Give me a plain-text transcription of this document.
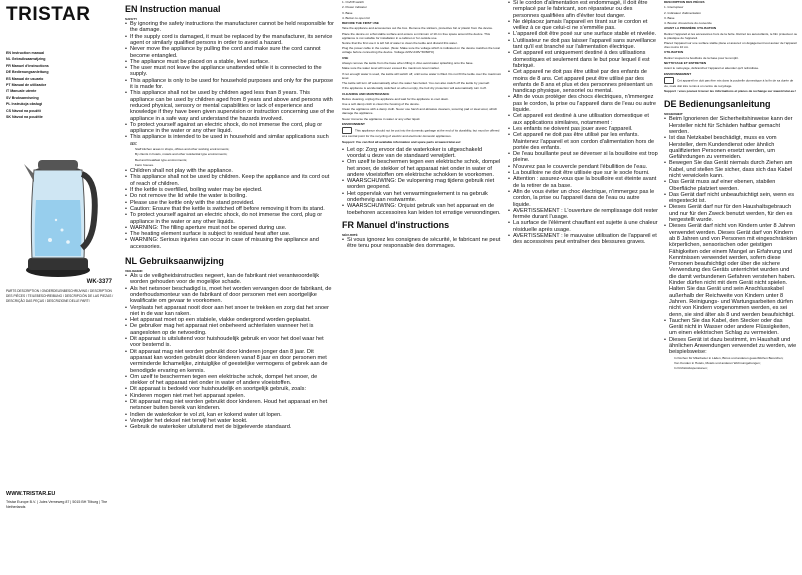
TRISTAR
EN Instruction manual
NL Gebruiksaanwijzing
FR Manuel d'instructions
DE Bedienungsanleitung
ES Manual de usuario
PT Manual de utilizador
IT Manuale utente
SV Bruksanvisning
PL Instrukcja obsługi
CS Návod na použití
SK Návod na použitie
WK-3377
PARTS DESCRIPTION / ONDERDELENBESCHRIJVING / DESCRIPTION DES PIÈCES / TEILEBESCHREIBUNG / DESCRIPCIÓN DE LAS PIEZAS / DESCRIÇÃO DAS PEÇAS / DESCRIZIONE DELLE PARTI
WWW.TRISTAR.EU
Tristar Europe B.V. | Jules Verneweg 87 | 5015 BH Tilburg | The Netherlands
EN Instruction manual
SAFETY
• By ignoring the safety instructions the manufacturer cannot be held responsible for the damage.
• If the supply cord is damaged, it must be replaced by the manufacturer, its service agent or similarly qualified persons in order to avoid a hazard.
• Never move the appliance by pulling the cord and make sure the cord cannot become entangled.
• The appliance must be placed on a stable, level surface.
• The user must not leave the appliance unattended while it is connected to the supply.
• This appliance is only to be used for household purposes and only for the purpose it is made for.
• This appliance shall not be used by children aged less than 8 years. This appliance can be used by children aged from 8 years and above and persons with reduced physical, sensory or mental capabilities or lack of experience and knowledge if they have been given supervision or instruction concerning use of the appliance in a safe way and understand the hazards involved.
• To protect yourself against an electric shock, do not immerse the cord, plug or appliance in the water or any other liquid.
• This appliance is intended to be used in household and similar applications such as:

Staff kitchen areas in shops, offices and other working environments;

By clients in hotels, motels and other residential type environments;

Bed and breakfast type environments;

Farm houses.

• Children shall not play with the appliance.
• This appliance shall not be used by children. Keep the appliance and its cord out of reach of children.
• If the kettle is overfilled, boiling water may be ejected.
• Do not remove the lid while the water is boiling.
• Please use the kettle only with the stand provided.
• Caution: Ensure that the kettle is switched off before removing it from its stand.
• To protect yourself against an electric shock, do not immerse the cord, plug or appliance in the water or any other liquids.
• WARNING: The filling aperture must not be opened during use.
• The heating element surface is subject to residual heat after use.
• WARNING: Serious injuries can occur in case of misusing the appliance and accessories.
NL Gebruiksaanwijzing
VEILIGHEID
• Als u de veiligheidsinstructies negeert, kan de fabrikant niet verantwoordelijk worden gehouden voor de mogelijke schade.
• Als het netsnoer beschadigd is, moet het worden vervangen door de fabrikant, de onderhoudsmonteur van de fabrikant of door personen met een soortgelijke kwalificatie om gevaar te voorkomen.
• Verplaats het apparaat nooit door aan het snoer te trekken en zorg dat het snoer niet in de war kan raken.
• Het apparaat moet op een stabiele, vlakke ondergrond worden geplaatst.
• De gebruiker mag het apparaat niet onbeheerd achterlaten wanneer het is aangesloten op de netvoeding.
• Dit apparaat is uitsluitend voor huishoudelijk gebruik en voor het doel waar het voor bestemd is.
• Dit apparaat mag niet worden gebruikt door kinderen jonger dan 8 jaar. Dit apparaat kan worden gebruikt door kinderen vanaf 8 jaar en door personen met verminderde lichamelijke, zintuiglijke of geestelijke vermogens of gebrek aan de benodigde ervaring en kennis.
• Om uzelf te beschermen tegen een elektrische schok, dompel het snoer, de stekker of het apparaat niet onder in water of andere vloeistoffen.
• Dit apparaat is bedoeld voor huishoudelijk en soortgelijk gebruik, zoals:
• Kinderen mogen niet met het apparaat spelen.
• Dit apparaat mag niet worden gebruikt door kinderen. Houd het apparaat en het netsnoer buiten bereik van kinderen.
• Indien de waterkoker te vol zit, kan er kokend water uit lopen.
• Verwijder het deksel niet terwijl het water kookt.
• Gebruik de waterkoker uitsluitend met de bijgeleverde standaard.

1. On/Off switch

2. Power indicator

3. Base

4. Button to open lid

BEFORE THE FIRST USE

Take the appliance and accessories out the box. Remove the stickers, protective foil or plastic from the device.

Place the device on a flat stable surface and ensure a minimum of 10 cm free space around the device. This appliance is not suitable for installation in a cabinet or for outside use.

Notice that the first use it is left full of water to clean the kettle and discard this water.

Plug the power cable in the socket. (Note: Make sure the voltage which is indicated on the device matches the local voltage before connecting the device. Voltage 220V-240V 50/60Hz)

USE

Always remove the kettle from the base when filling it. Also avoid water splashing onto the base.

Make sure the water level will never exceed the maximum level marker.

If not enough water is used, the kettle will switch off, until some water is filled. Do not fill the kettle over the maximum level.

The kettle will turn off automatically when the water has boiled. You can also switch off the kettle by yourself.

If the appliance is accidentally switched on when empty, the boil dry protection will automatically turn it off.

CLEANING AND MAINTENANCE

Before cleaning, unplug the appliance and wait for the appliance to cool down.

Use a soft damp cloth to clean the housing of the device.

Clean the appliance with a damp cloth. Never use harsh and abrasive cleaners, scouring pad or steel wool, which damage the appliance.

Never immerse the appliance in water or any other liquid.

ENVIRONMENT

This appliance should not be put into the domestic garbage at the end of its durability, but must be offered at a central point for the recycling of electric and electronic domestic appliances.

Support: You can find all available information and spare parts at www.tristar.eu!

• Let op: Zorg ervoor dat de waterkoker is uitgeschakeld voordat u deze van de standaard verwijdert.
• Om uzelf te beschermen tegen een elektrische schok, dompel het snoer, de stekker of het apparaat niet onder in water of andere vloeistoffen om elektrische schokken te voorkomen.
• WAARSCHUWING: De vulopening mag tijdens gebruik niet worden geopend.
• Het oppervlak van het verwarmingselement is na gebruik onderhevig aan restwarmte.
• WAARSCHUWING: Onjuist gebruik van het apparaat en de toebehoren accessoires kan leiden tot ernstige verwondingen.
FR Manuel d'instructions
SÉCURITÉ
• Si vous ignorez les consignes de sécurité, le fabricant ne peut être tenu pour responsable des dommages.
• Si le cordon d'alimentation est endommagé, il doit être remplacé par le fabricant, son réparateur ou des personnes qualifiées afin d'éviter tout danger.
• Ne déplacez jamais l'appareil en tirant sur le cordon et veillez à ce que celui-ci ne s'emmêle pas.
• L'appareil doit être posé sur une surface stable et nivelée.
• L'utilisateur ne doit pas laisser l'appareil sans surveillance tant qu'il est branché sur l'alimentation électrique.
• Cet appareil est uniquement destiné à des utilisations domestiques et seulement dans le but pour lequel il est fabriqué.
• Cet appareil ne doit pas être utilisé par des enfants de moins de 8 ans. Cet appareil peut être utilisé par des enfants de 8 ans et plus et des personnes présentant un handicap physique, sensoriel ou mental.
• Afin de vous protéger des chocs électriques, n'immergez pas le cordon, la prise ou l'appareil dans de l'eau ou autre liquide.
• Cet appareil est destiné à une utilisation domestique et aux applications similaires, notamment :
• Les enfants ne doivent pas jouer avec l'appareil.
• Cet appareil ne doit pas être utilisé par les enfants. Maintenez l'appareil et son cordon d'alimentation hors de portée des enfants.
• De l'eau bouillante peut se déverser si la bouilloire est trop pleine.
• N'ouvrez pas le couvercle pendant l'ébullition de l'eau.
• La bouilloire ne doit être utilisée que sur le socle fourni.
• Attention : assurez-vous que la bouilloire est éteinte avant de la retirer de sa base.
• Afin de vous éviter un choc électrique, n'immergez pas le cordon, la prise ou l'appareil dans de l'eau ou autre liquide.
• AVERTISSEMENT : L'ouverture de remplissage doit rester fermée durant l'usage.
• La surface de l'élément chauffant est sujette à une chaleur résiduelle après usage.
• AVERTISSEMENT : le mauvaise utilisation de l'appareil et des accessoires peut entraîner des blessures graves.

DESCRIPTION DES PIÈCES

1. Interrupteur

2. Indicateur d'alimentation

3. Base

4. Bouton d'ouverture du couvercle

AVANT LA PREMIÈRE UTILISATION

Retirez l'appareil et les accessoires hors de la boîte. Retirez les autocollants, le film protecteur ou le plastique de l'appareil.

Placez l'appareil sur une surface stable plane et assurez un dégagement tout autour de l'appareil d'au moins 10 cm.

UTILISATION

Retirez toujours la bouilloire de la base pour la remplir.

NETTOYAGE ET ENTRETIEN

Avant le nettoyage, débranchez l'appareil et attendez qu'il refroidisse.

ENVIRONNEMENT

Cet appareil ne doit pas être mis dans la poubelle domestique à la fin de sa durée de vie, mais doit être remis à un centre de recyclage.

Support : vous pouvez trouver les informations et pièces de rechange sur www.tristar.eu !

DE Bedienungsanleitung
SICHERHEIT
• Beim Ignorieren der Sicherheitshinweise kann der Hersteller nicht für Schäden haftbar gemacht werden.
• Ist das Netzkabel beschädigt, muss es vom Hersteller, dem Kundendienst oder ähnlich qualifizierten Personen ersetzt werden, um Gefährdungen zu vermeiden.
• Bewegen Sie das Gerät niemals durch Ziehen am Kabel, und stellen Sie sicher, dass sich das Kabel nicht verwickeln kann.
• Das Gerät muss auf einer ebenen, stabilen Oberfläche platziert werden.
• Das Gerät darf nicht unbeaufsichtigt sein, wenn es eingesteckt ist.
• Dieses Gerät darf nur für den Haushaltsgebrauch und nur für den Zweck benutzt werden, für den es hergestellt wurde.
• Dieses Gerät darf nicht von Kindern unter 8 Jahren verwendet werden. Dieses Gerät darf von Kindern ab 8 Jahren und von Personen mit eingeschränkten körperlichen, sensorischen oder geistigen Fähigkeiten oder einem Mangel an Erfahrung und Kenntnissen verwendet werden, sofern diese Personen beaufsichtigt oder über die sichere Verwendung des Geräts unterrichtet wurden und die damit verbundenen Gefahren verstehen haben. Kinder dürfen nicht mit dem Gerät nicht spielen. Halten Sie das Gerät und sein Anschlusskabel außerhalb der Reichweite von Kindern unter 8 Jahren. Reinigungs- und Wartungsarbeiten dürfen nicht von Kindern vorgenommen werden, es sei denn, sie sind älter als 8 und werden beaufsichtigt.
• Tauchen Sie das Kabel, den Stecker oder das Gerät nicht in Wasser oder andere Flüssigkeiten, um einen elektrischen Schlag zu vermeiden.
• Dieses Gerät ist dazu bestimmt, im Haushalt und ähnlichen Anwendungen verwendet zu werden, wie beispielsweise:

In Küchen für Mitarbeiter in Läden, Büros und anderen gewerblichen Bereichen;

Von Kunden in Hotels, Motels und anderen Wohnumgebungen;

In Frühstückspensionen;
